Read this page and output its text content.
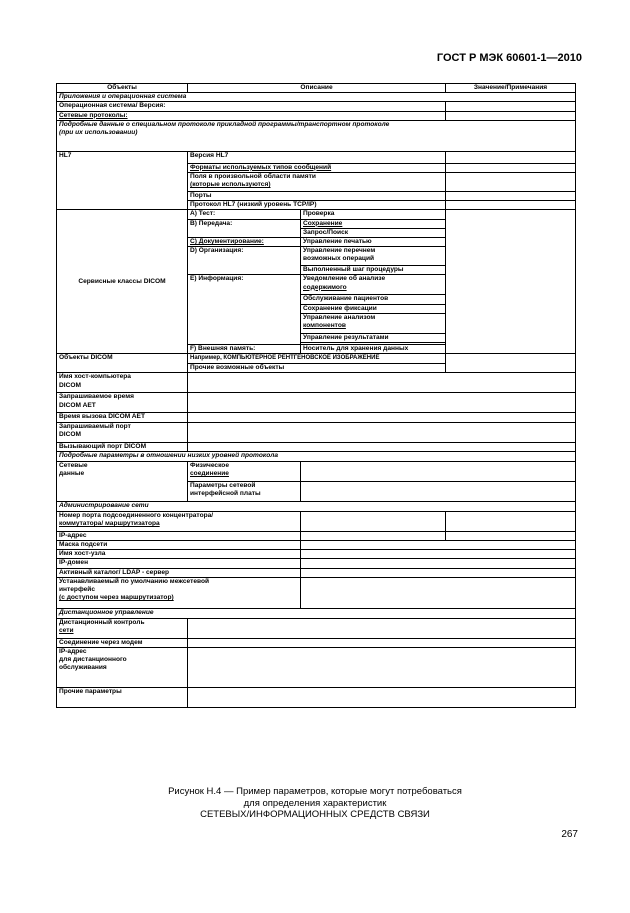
ГОСТ Р МЭК 60601-1—2010
Объекты	Описание		Значение/Примечания
Приложения и операционная система			
Операционная система/ Версия:			
Сетевые протоколы:			
Подробные данные о специальном протоколе прикладной программы/транспортном протоколе
(при их использовании)			
HL7	Версия HL7		
	Форматы используемых типов сообщений		
	Поля в произвольной области памяти
(которые используются)		
	Порты		
	Протокол HL7 (низкий уровень TCP/IP)		
Сервисные классы DICOM	A) Тест:	Проверка	
	B) Передача:	Сохранение	
		Запрос/Поиск	
	C) Документирование:	Управление печатью	
	D) Организация:	Управление перечнем
возможных операций	
		Выполненный шаг процедуры	
	E) Информация:	Уведомление об анализе
содержимого	

		Обслуживание пациентов	
		Сохранение фиксации	
		Управление анализом
компонентов	

		Управление результатами	

	F) Внешняя память:	Носитель для хранения данных	
Объекты DICOM	Например, КОМПЬЮТЕРНОЕ РЕНТГЕНОВСКОЕ ИЗОБРАЖЕНИЕ		
	Прочие возможные объекты		
Имя хост-компьютера
DICOM			
Запрашиваемое время
DICOM AET			
Время вызова DICOM AET			
Запрашиваемый порт
DICOM			
Вызывающий порт DICOM			
Подробные параметры в отношении низких уровней протокола			
Сетевые
данные	Физическое
соединение		
	Параметры сетевой
интерфейсной платы		
Администрирование сети			
Номер порта подсоединенного концентратора/
коммутатора/ маршрутизатора			
IP-адрес			
Маска подсети			
Имя хост-узла			
IP-домен			
Активный каталог/ LDAP - сервер			
Устанавливаемый по умолчанию межсетевой
интерфейс
(с доступом через маршрутизатор)			
Дистанционное управление			
Дистанционный контроль
сети			
Соединение через модем			
IP-адрес
для дистанционного
обслуживания			
Прочие параметры			
Рисунок Н.4 — Пример параметров, которые могут потребоваться
для определения характеристик
СЕТЕВЫХ/ИНФОРМАЦИОННЫХ СРЕДСТВ СВЯЗИ
267
